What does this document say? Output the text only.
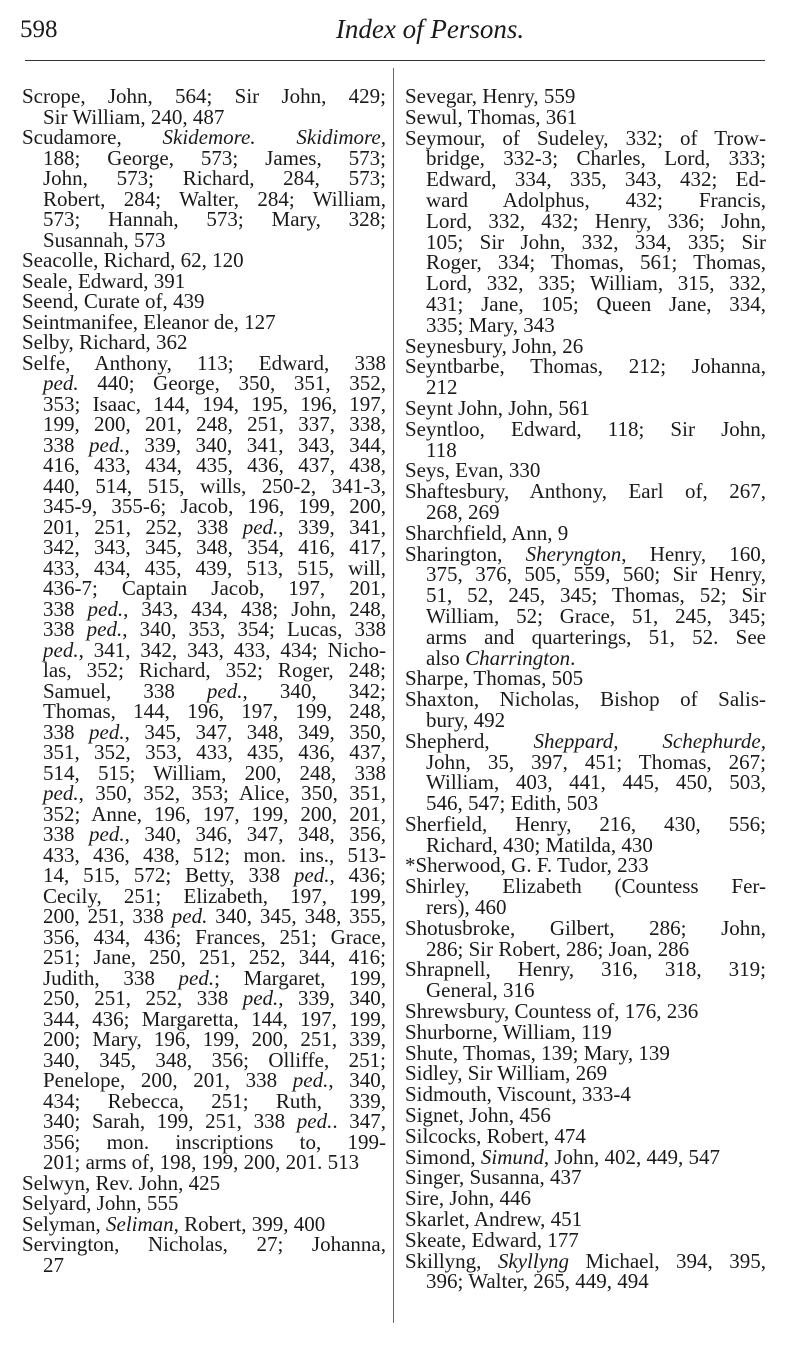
598	Index of Persons.
Scrope, John, 564; Sir John, 429;
Sir William, 240, 487
Scudamore, Skidemore. Skidimore,
188; George, 573; James, 573;
John, 573; Richard, 284, 573;
Robert, 284; Walter, 284; William,
573; Hannah, 573; Mary, 328;
Susannah, 573
Seacolle, Richard, 62, 120
Seale, Edward, 391
Seend, Curate of, 439
Seintmanifee, Eleanor de, 127
Selby, Richard, 362
Selfe, Anthony, 113; Edward, 338
ped. 440; George, 350, 351, 352,
353; Isaac, 144, 194, 195, 196, 197,
199, 200, 201, 248, 251, 337, 338,
338 ped., 339, 340, 341, 343, 344,
416, 433, 434, 435, 436, 437, 438,
440, 514, 515, wills, 250-2, 341-3,
345-9, 355-6; Jacob, 196, 199, 200,
201, 251, 252, 338 ped., 339, 341,
342, 343, 345, 348, 354, 416, 417,
433, 434, 435, 439, 513, 515, will,
436-7; Captain Jacob, 197, 201,
338 ped., 343, 434, 438; John, 248,
338 ped., 340, 353, 354; Lucas, 338
ped., 341, 342, 343, 433, 434; Nicho-
las, 352; Richard, 352; Roger, 248;
Samuel, 338 ped., 340, 342;
Thomas, 144, 196, 197, 199, 248,
338 ped., 345, 347, 348, 349, 350,
351, 352, 353, 433, 435, 436, 437,
514, 515; William, 200, 248, 338
ped., 350, 352, 353; Alice, 350, 351,
352; Anne, 196, 197, 199, 200, 201,
338 ped., 340, 346, 347, 348, 356,
433, 436, 438, 512; mon. ins., 513-
14, 515, 572; Betty, 338 ped., 436;
Cecily, 251; Elizabeth, 197, 199,
200, 251, 338 ped. 340, 345, 348, 355,
356, 434, 436; Frances, 251; Grace,
251; Jane, 250, 251, 252, 344, 416;
Judith, 338 ped.; Margaret, 199,
250, 251, 252, 338 ped., 339, 340,
344, 436; Margaretta, 144, 197, 199,
200; Mary, 196, 199, 200, 251, 339,
340, 345, 348, 356; Olliffe, 251;
Penelope, 200, 201, 338 ped., 340,
434; Rebecca, 251; Ruth, 339,
340; Sarah, 199, 251, 338 ped.. 347,
356; mon. inscriptions to, 199-
201; arms of, 198, 199, 200, 201. 513
Selwyn, Rev. John, 425
Selyard, John, 555
Selyman, Seliman, Robert, 399, 400
Servington, Nicholas, 27; Johanna,
27
Sevegar, Henry, 559
Sewul, Thomas, 361
Seymour, of Sudeley, 332; of Trow-
bridge, 332-3; Charles, Lord, 333;
Edward, 334, 335, 343, 432; Ed-
ward Adolphus, 432; Francis,
Lord, 332, 432; Henry, 336; John,
105; Sir John, 332, 334, 335; Sir
Roger, 334; Thomas, 561; Thomas,
Lord, 332, 335; William, 315, 332,
431; Jane, 105; Queen Jane, 334,
335; Mary, 343
Seynesbury, John, 26
Seyntbarbe, Thomas, 212; Johanna,
212
Seynt John, John, 561
Seyntloo, Edward, 118; Sir John,
118
Seys, Evan, 330
Shaftesbury, Anthony, Earl of, 267,
268, 269
Sharchfield, Ann, 9
Sharington, Sheryngton, Henry, 160,
375, 376, 505, 559, 560; Sir Henry,
51, 52, 245, 345; Thomas, 52; Sir
William, 52; Grace, 51, 245, 345;
arms and quarterings, 51, 52. See
also Charrington.
Sharpe, Thomas, 505
Shaxton, Nicholas, Bishop of Salis-
bury, 492
Shepherd, Sheppard, Schephurde,
John, 35, 397, 451; Thomas, 267;
William, 403, 441, 445, 450, 503,
546, 547; Edith, 503
Sherfield, Henry, 216, 430, 556;
Richard, 430; Matilda, 430
*Sherwood, G. F. Tudor, 233
Shirley, Elizabeth (Countess Fer-
rers), 460
Shotusbroke, Gilbert, 286; John,
286; Sir Robert, 286; Joan, 286
Shrapnell, Henry, 316, 318, 319;
General, 316
Shrewsbury, Countess of, 176, 236
Shurborne, William, 119
Shute, Thomas, 139; Mary, 139
Sidley, Sir William, 269
Sidmouth, Viscount, 333-4
Signet, John, 456
Silcocks, Robert, 474
Simond, Simund, John, 402, 449, 547
Singer, Susanna, 437
Sire, John, 446
Skarlet, Andrew, 451
Skeate, Edward, 177
Skillyng, Skyllyng Michael, 394, 395,
396; Walter, 265, 449, 494
